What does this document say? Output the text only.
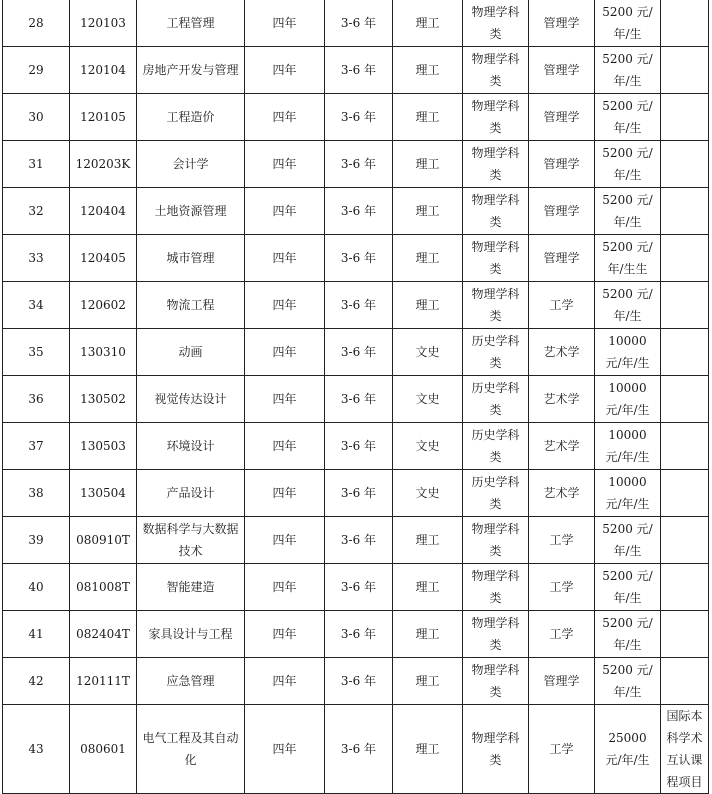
28	120103	工程管理	四年	3-6 年	理工	物理学科类	管理学	5200 元/年/生	
29	120104	房地产开发与管理	四年	3-6 年	理工	物理学科类	管理学	5200 元/年/生	
30	120105	工程造价	四年	3-6 年	理工	物理学科类	管理学	5200 元/年/生	
31	120203K	会计学	四年	3-6 年	理工	物理学科类	管理学	5200 元/年/生	
32	120404	土地资源管理	四年	3-6 年	理工	物理学科类	管理学	5200 元/年/生	
33	120405	城市管理	四年	3-6 年	理工	物理学科类	管理学	5200 元/年/生生	
34	120602	物流工程	四年	3-6 年	理工	物理学科类	工学	5200 元/年/生	
35	130310	动画	四年	3-6 年	文史	历史学科类	艺术学	10000 元/年/生	
36	130502	视觉传达设计	四年	3-6 年	文史	历史学科类	艺术学	10000 元/年/生	
37	130503	环境设计	四年	3-6 年	文史	历史学科类	艺术学	10000 元/年/生	
38	130504	产品设计	四年	3-6 年	文史	历史学科类	艺术学	10000 元/年/生	
39	080910T	数据科学与大数据技术	四年	3-6 年	理工	物理学科类	工学	5200 元/年/生	
40	081008T	智能建造	四年	3-6 年	理工	物理学科类	工学	5200 元/年/生	
41	082404T	家具设计与工程	四年	3-6 年	理工	物理学科类	工学	5200 元/年/生	
42	120111T	应急管理	四年	3-6 年	理工	物理学科类	管理学	5200 元/年/生	
43	080601	电气工程及其自动化	四年	3-6 年	理工	物理学科类	工学	25000 元/年/生	国际本科学术互认课程项目
